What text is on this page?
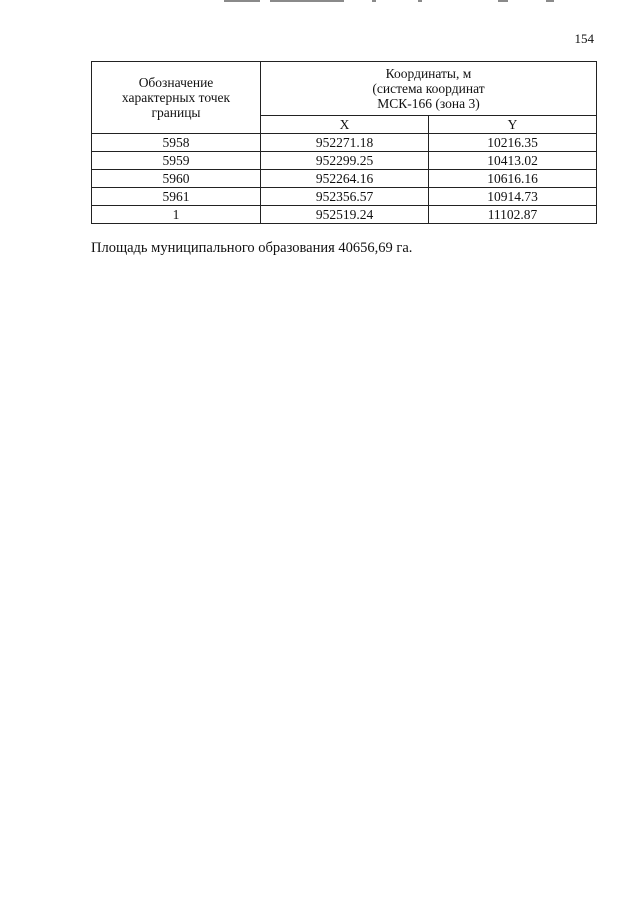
154
Обозначение характерных точек границы	Координаты, м
(система координат
МСК-166 (зона 3)	

	X	Y
5958	952271.18	10216.35
5959	952299.25	10413.02
5960	952264.16	10616.16
5961	952356.57	10914.73
1	952519.24	11102.87
Площадь муниципального образования 40656,69 га.
